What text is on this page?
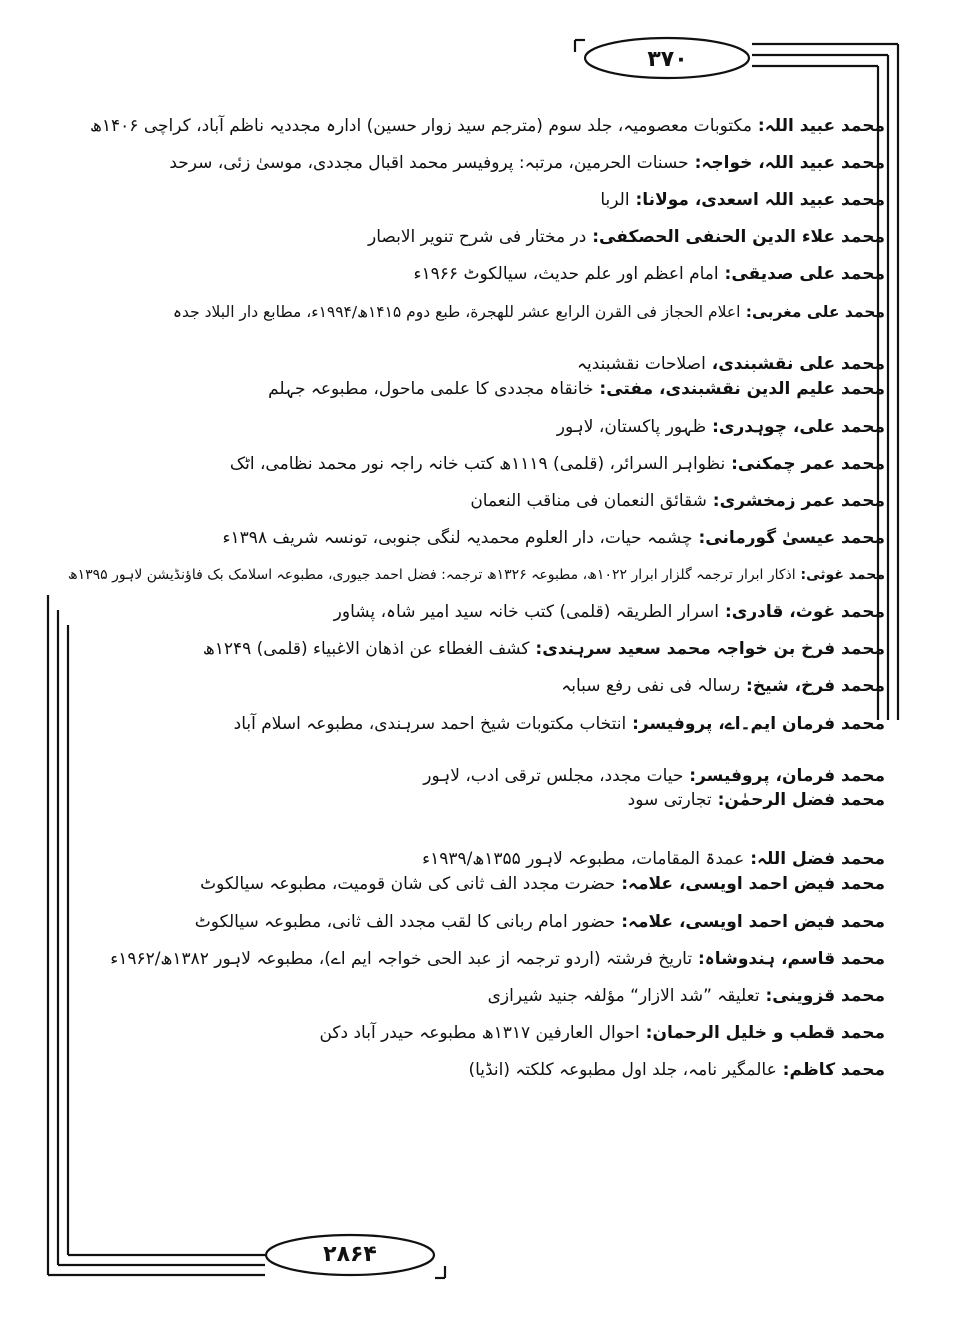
۳۷۰
۲۸۶۴
محمد عبید اللہ: مکتوبات معصومیہ، جلد سوم (مترجم سید زوار حسین) ادارہ مجددیہ ناظم آباد، کراچی ۱۴۰۶ھ
محمد عبید اللہ، خواجہ: حسنات الحرمین، مرتبہ: پروفیسر محمد اقبال مجددی، موسیٰ زئی، سرحد
محمد عبید اللہ اسعدی، مولانا: الربا
محمد علاء الدین الحنفی الحصکفی: در مختار فی شرح تنویر الابصار
محمد علی صدیقی: امام اعظم اور علم حدیث، سیالکوٹ ۱۹۶۶ء
محمد علی مغربی: اعلام الحجاز فی القرن الرابع عشر للهجرة، طبع دوم ۱۴۱۵ھ/۱۹۹۴ء، مطابع دار البلاد جدہ
محمد علی نقشبندی، اصلاحات نقشبندیہ
محمد علیم الدین نقشبندی، مفتی: خانقاہ مجددی کا علمی ماحول، مطبوعہ جہلم
محمد علی، چوہدری: ظہور پاکستان، لاہور
محمد عمر چمکنی: نظواہر السرائر، (قلمی) ۱۱۱۹ھ کتب خانہ راجہ نور محمد نظامی، اٹک
محمد عمر زمخشری: شقائق النعمان فی مناقب النعمان
محمد عیسیٰ گورمانی: چشمہ حیات، دار العلوم محمدیہ لنگی جنوبی، تونسہ شریف ۱۳۹۸ء
محمد غوثی: اذکار ابرار ترجمہ گلزار ابرار ۱۰۲۲ھ، مطبوعہ ۱۳۲۶ھ ترجمہ: فضل احمد جیوری، مطبوعہ اسلامک بک فاؤنڈیشن لاہور ۱۳۹۵ھ
محمد غوث، قادری: اسرار الطریقہ (قلمی) کتب خانہ سید امیر شاہ، پشاور
محمد فرخ بن خواجہ محمد سعید سرہندی: كشف الغطاء عن اذهان الاغبياء (قلمی) ۱۲۴۹ھ
محمد فرخ، شیخ: رسالہ فی نفی رفع سبابہ
محمد فرمان ایم۔اے، پروفیسر: انتخاب مکتوبات شیخ احمد سرہندی، مطبوعہ اسلام آباد
محمد فرمان، پروفیسر: حیات مجدد، مجلس ترقی ادب، لاہور
محمد فضل الرحمٰن: تجارتی سود
محمد فضل اللہ: عمدۃ المقامات، مطبوعہ لاہور ۱۳۵۵ھ/۱۹۳۹ء
محمد فیض احمد اویسی، علامہ: حضرت مجدد الف ثانی کی شان قومیت، مطبوعہ سیالکوٹ
محمد فیض احمد اویسی، علامہ: حضور امام ربانی کا لقب مجدد الف ثانی، مطبوعہ سیالکوٹ
محمد قاسم، ہندوشاہ: تاریخ فرشتہ (اردو ترجمہ از عبد الحی خواجہ ایم اے)، مطبوعہ لاہور ۱۳۸۲ھ/۱۹۶۲ء
محمد قزوینی: تعلیقہ ”شد الازار“ مؤلفہ جنید شیرازی
محمد قطب و خلیل الرحمان: احوال العارفین ۱۳۱۷ھ مطبوعہ حیدر آباد دکن
محمد کاظم: عالمگیر نامہ، جلد اول مطبوعہ کلکتہ (انڈیا)
